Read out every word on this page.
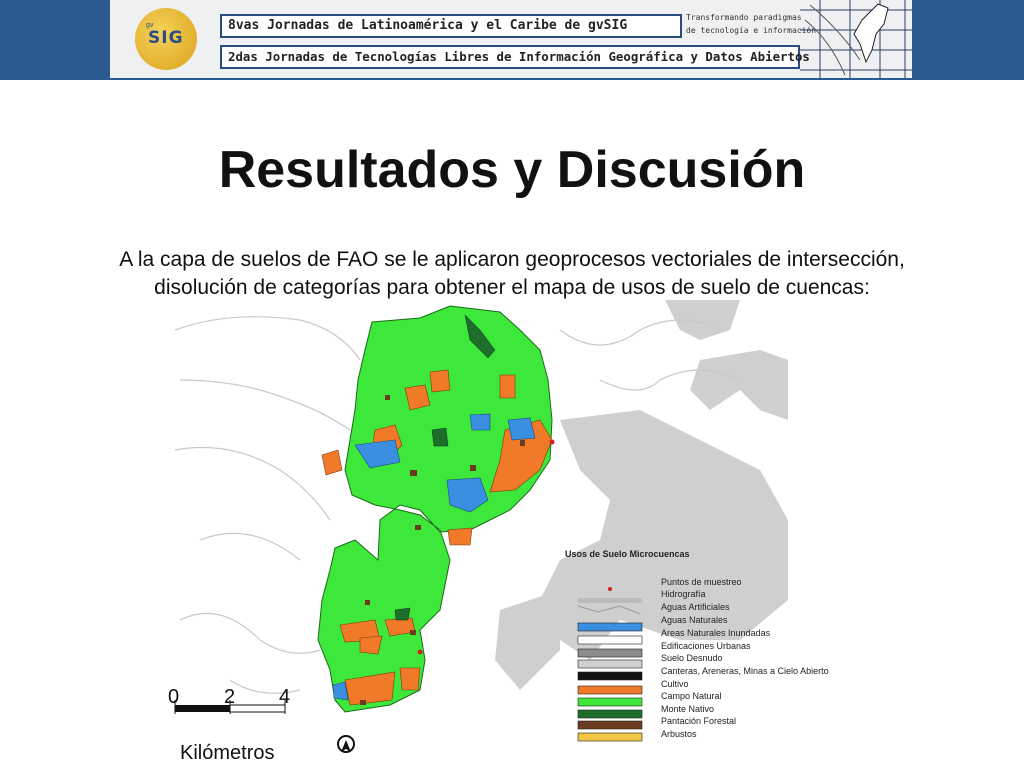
gv
SIG
8vas Jornadas de Latinoamérica y el Caribe de gvSIG
2das Jornadas de Tecnologías Libres de Información Geográfica y Datos Abiertos
Transformando paradigmas
de tecnología e información
Resultados y Discusión
A la capa de suelos de FAO se le aplicaron geoprocesos vectoriales de intersección,
disolución de categorías para obtener el mapa de usos de suelo de cuencas:
Usos de Suelo Microcuencas
Puntos de muestreo
Hidrografía
Aguas Artificiales
Aguas Naturales
Areas Naturales Inundadas
Edificaciones Urbanas
Suelo Desnudo
Canteras, Areneras, Minas a Cielo Abierto
Cultivo
Campo Natural
Monte Nativo
Pantación Forestal
Arbustos
0 2 4
Kilómetros
